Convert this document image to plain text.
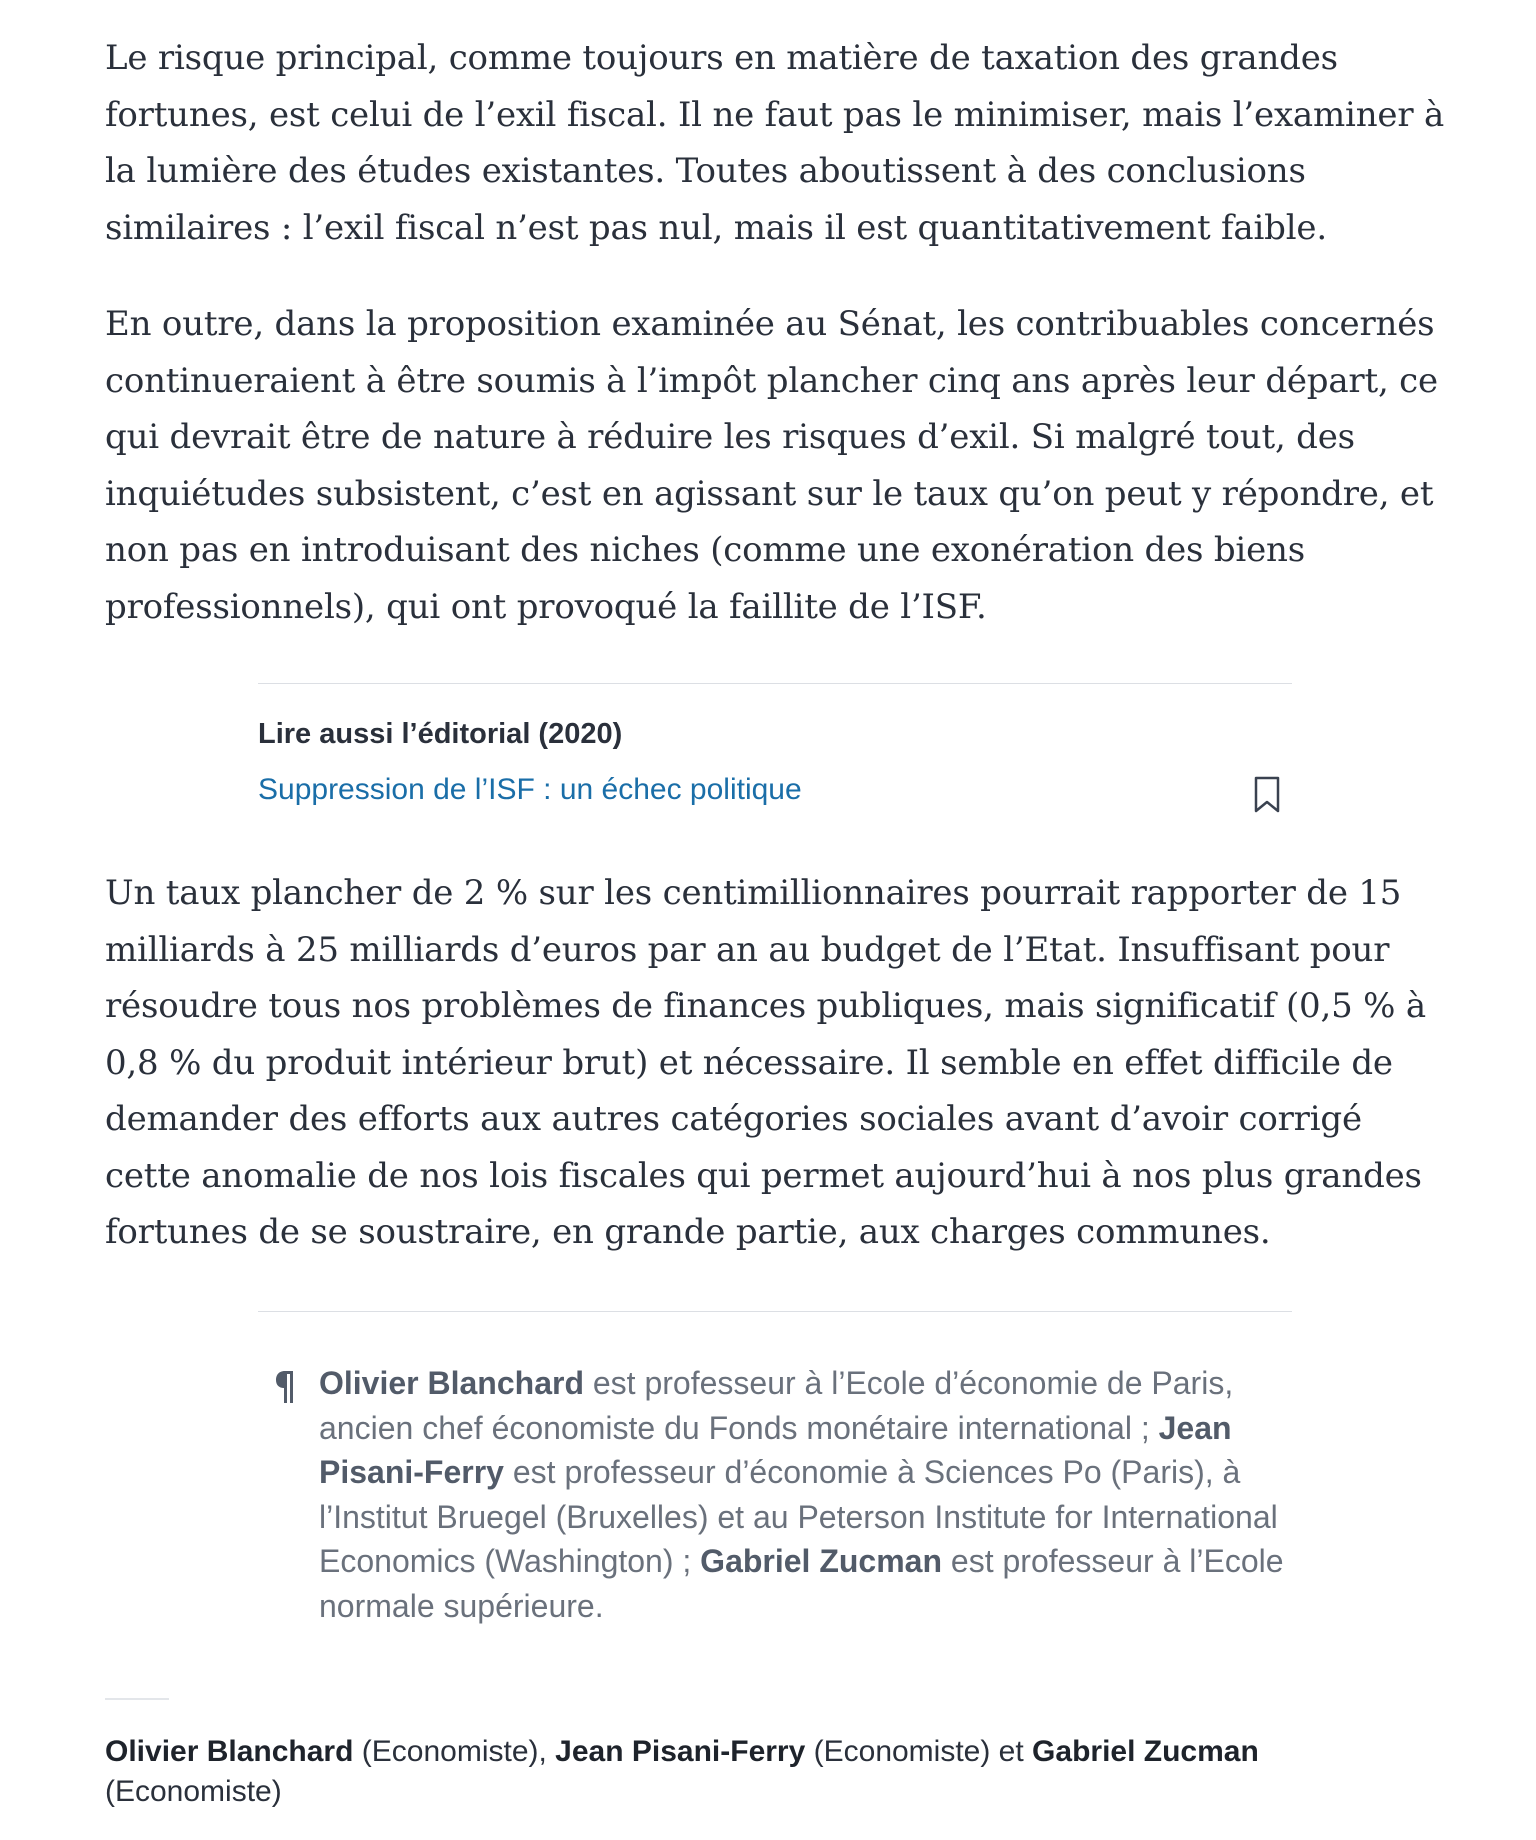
Le risque principal, comme toujours en matière de taxation des grandes fortunes, est celui de l’exil fiscal. Il ne faut pas le minimiser, mais l’examiner à la lumière des études existantes. Toutes aboutissent à des conclusions similaires : l’exil fiscal n’est pas nul, mais il est quantitativement faible.

En outre, dans la proposition examinée au Sénat, les contribuables concernés continueraient à être soumis à l’impôt plancher cinq ans après leur départ, ce qui devrait être de nature à réduire les risques d’exil. Si malgré tout, des inquiétudes subsistent, c’est en agissant sur le taux qu’on peut y répondre, et non pas en introduisant des niches (comme une exonération des biens professionnels), qui ont provoqué la faillite de l’ISF.

Lire aussi l’éditorial (2020)
Suppression de l’ISF : un échec politique

Un taux plancher de 2 % sur les centimillionnaires pourrait rapporter de 15 milliards à 25 milliards d’euros par an au budget de l’Etat. Insuffisant pour résoudre tous nos problèmes de finances publiques, mais significatif (0,5 % à 0,8 % du produit intérieur brut) et nécessaire. Il semble en effet difficile de demander des efforts aux autres catégories sociales avant d’avoir corrigé cette anomalie de nos lois fiscales qui permet aujourd’hui à nos plus grandes fortunes de se soustraire, en grande partie, aux charges communes.

Olivier Blanchard est professeur à l’Ecole d’économie de Paris, ancien chef économiste du Fonds monétaire international ; Jean Pisani-Ferry est professeur d’économie à Sciences Po (Paris), à l’Institut Bruegel (Bruxelles) et au Peterson Institute for International Economics (Washington) ; Gabriel Zucman est professeur à l’Ecole normale supérieure.
Olivier Blanchard (Economiste), Jean Pisani-Ferry (Economiste) et Gabriel Zucman (Economiste)
